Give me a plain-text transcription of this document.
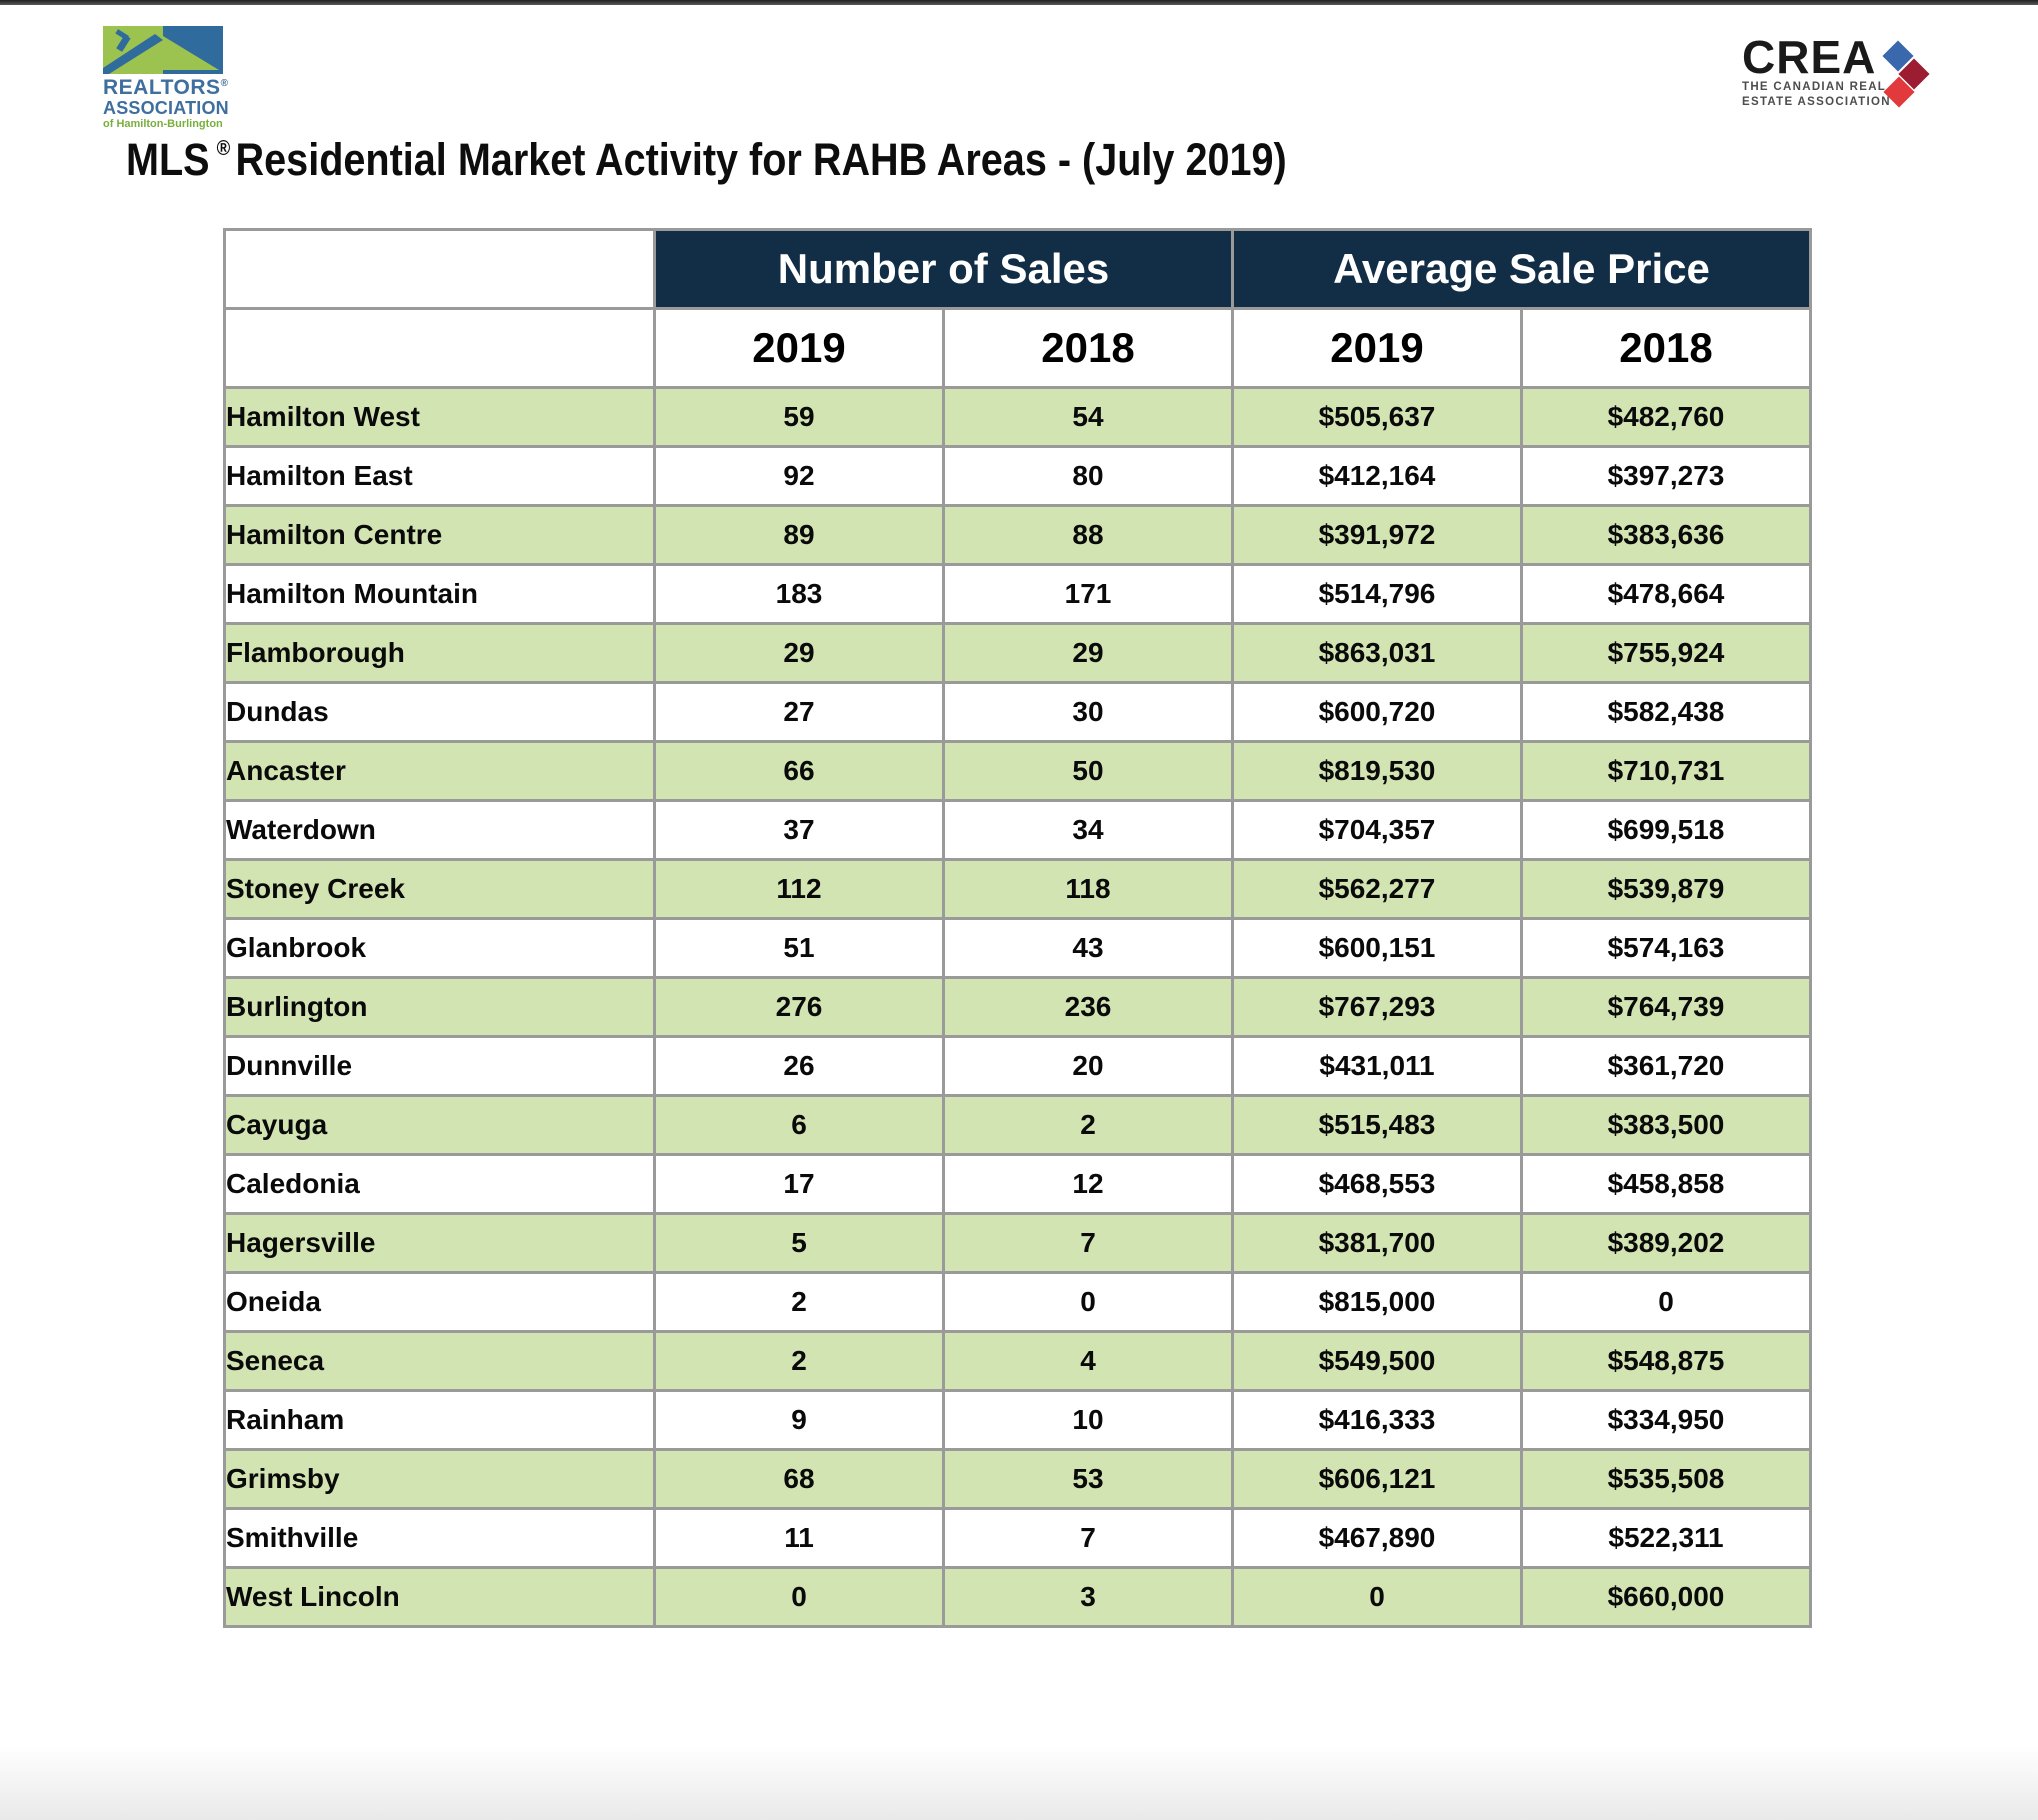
REALTORS®
ASSOCIATION
of Hamilton-Burlington
CREA
THE CANADIAN REAL
ESTATE ASSOCIATION
MLS ® Residential Market Activity for RAHB Areas - (July 2019)
	Number of Sales		Average Sale Price	
	2019	2018	2019	2018
Hamilton West	59	54	$505,637	$482,760
Hamilton East	92	80	$412,164	$397,273
Hamilton Centre	89	88	$391,972	$383,636
Hamilton Mountain	183	171	$514,796	$478,664
Flamborough	29	29	$863,031	$755,924
Dundas	27	30	$600,720	$582,438
Ancaster	66	50	$819,530	$710,731
Waterdown	37	34	$704,357	$699,518
Stoney Creek	112	118	$562,277	$539,879
Glanbrook	51	43	$600,151	$574,163
Burlington	276	236	$767,293	$764,739
Dunnville	26	20	$431,011	$361,720
Cayuga	6	2	$515,483	$383,500
Caledonia	17	12	$468,553	$458,858
Hagersville	5	7	$381,700	$389,202
Oneida	2	0	$815,000	0
Seneca	2	4	$549,500	$548,875
Rainham	9	10	$416,333	$334,950
Grimsby	68	53	$606,121	$535,508
Smithville	11	7	$467,890	$522,311
West Lincoln	0	3	0	$660,000
